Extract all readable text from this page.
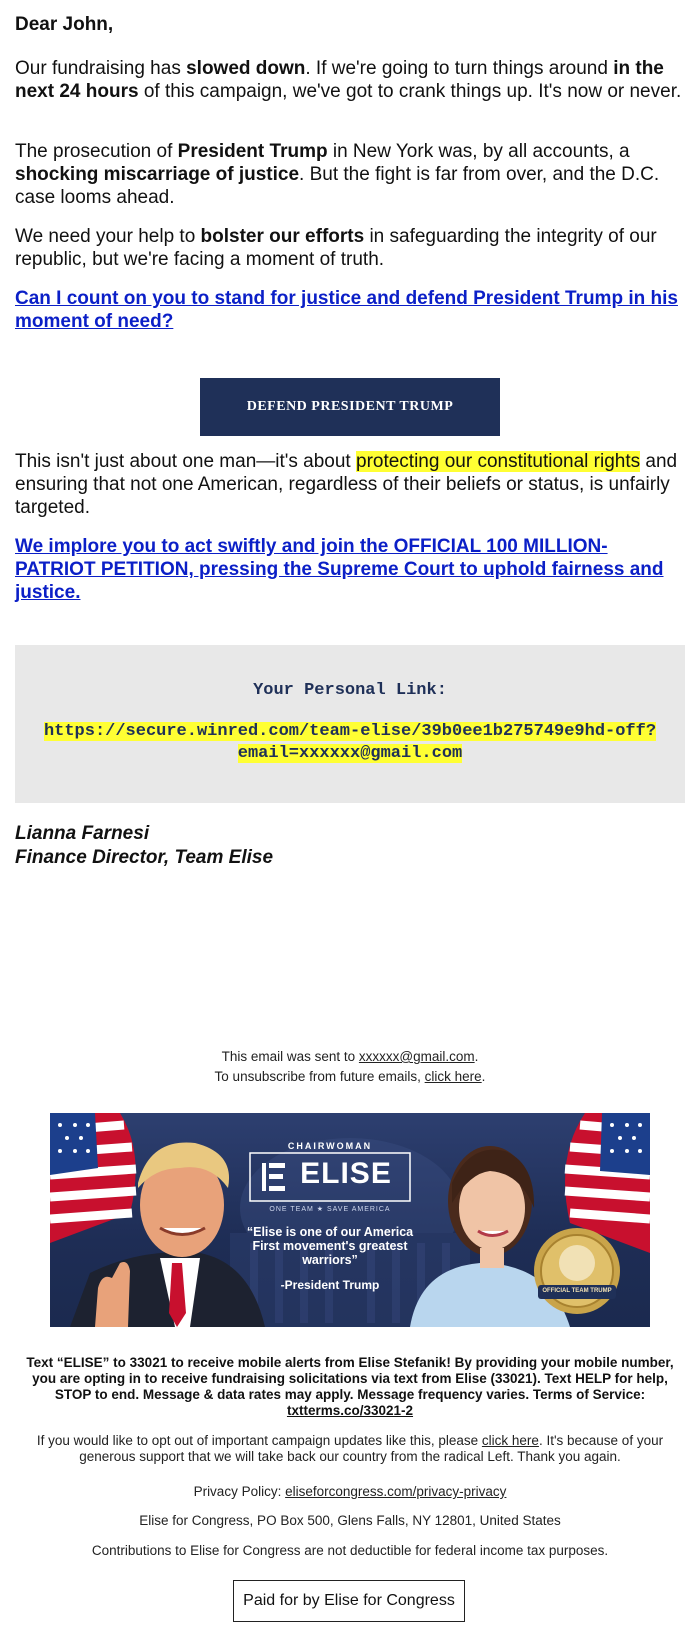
Dear John,

Our fundraising has slowed down. If we're going to turn things around in the next 24 hours of this campaign, we've got to crank things up. It's now or never.

The prosecution of President Trump in New York was, by all accounts, a shocking miscarriage of justice. But the fight is far from over, and the D.C. case looms ahead.

We need your help to bolster our efforts in safeguarding the integrity of our republic, but we're facing a moment of truth.

Can I count on you to stand for justice and defend President Trump in his moment of need?

DEFEND PRESIDENT TRUMP

This isn't just about one man—it's about protecting our constitutional rights and ensuring that not one American, regardless of their beliefs or status, is unfairly targeted.

We implore you to act swiftly and join the OFFICIAL 100 MILLION-PATRIOT PETITION, pressing the Supreme Court to uphold fairness and justice.

Your Personal Link:
https://secure.winred.com/team-elise/39b0ee1b275749e9hd-off?email=xxxxxx@gmail.com
Lianna Farnesi
Finance Director, Team Elise
This email was sent to xxxxxx@gmail.com.
To unsubscribe from future emails, click here.
CHAIRWOMAN
ELISE
ONE TEAM ★ SAVE AMERICA
“Elise is one of our America First movement's greatest warriors”
-President Trump	OFFICIAL TEAM TRUMP
Text “ELISE” to 33021 to receive mobile alerts from Elise Stefanik! By providing your mobile number, you are opting in to receive fundraising solicitations via text from Elise (33021). Text HELP for help, STOP to end. Message & data rates may apply. Message frequency varies. Terms of Service: txtterms.co/33021-2
If you would like to opt out of important campaign updates like this, please click here. It's because of your generous support that we will take back our country from the radical Left. Thank you again.
Privacy Policy: eliseforcongress.com/privacy-privacy
Elise for Congress, PO Box 500, Glens Falls, NY 12801, United States
Contributions to Elise for Congress are not deductible for federal income tax purposes.
Paid for by Elise for Congress
